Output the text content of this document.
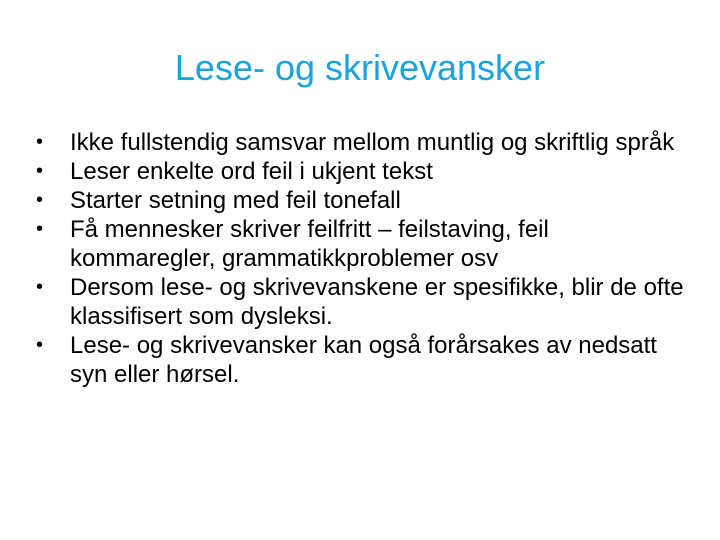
Lese- og skrivevansker
• Ikke fullstendig samsvar mellom muntlig og skriftlig språk
• Leser enkelte ord feil i ukjent tekst
• Starter setning med feil tonefall
• Få mennesker skriver feilfritt – feilstaving, feil kommaregler, grammatikkproblemer osv
• Dersom lese- og skrivevanskene er spesifikke, blir de ofte klassifisert som dysleksi.
• Lese- og skrivevansker kan også forårsakes av nedsatt syn eller hørsel.
